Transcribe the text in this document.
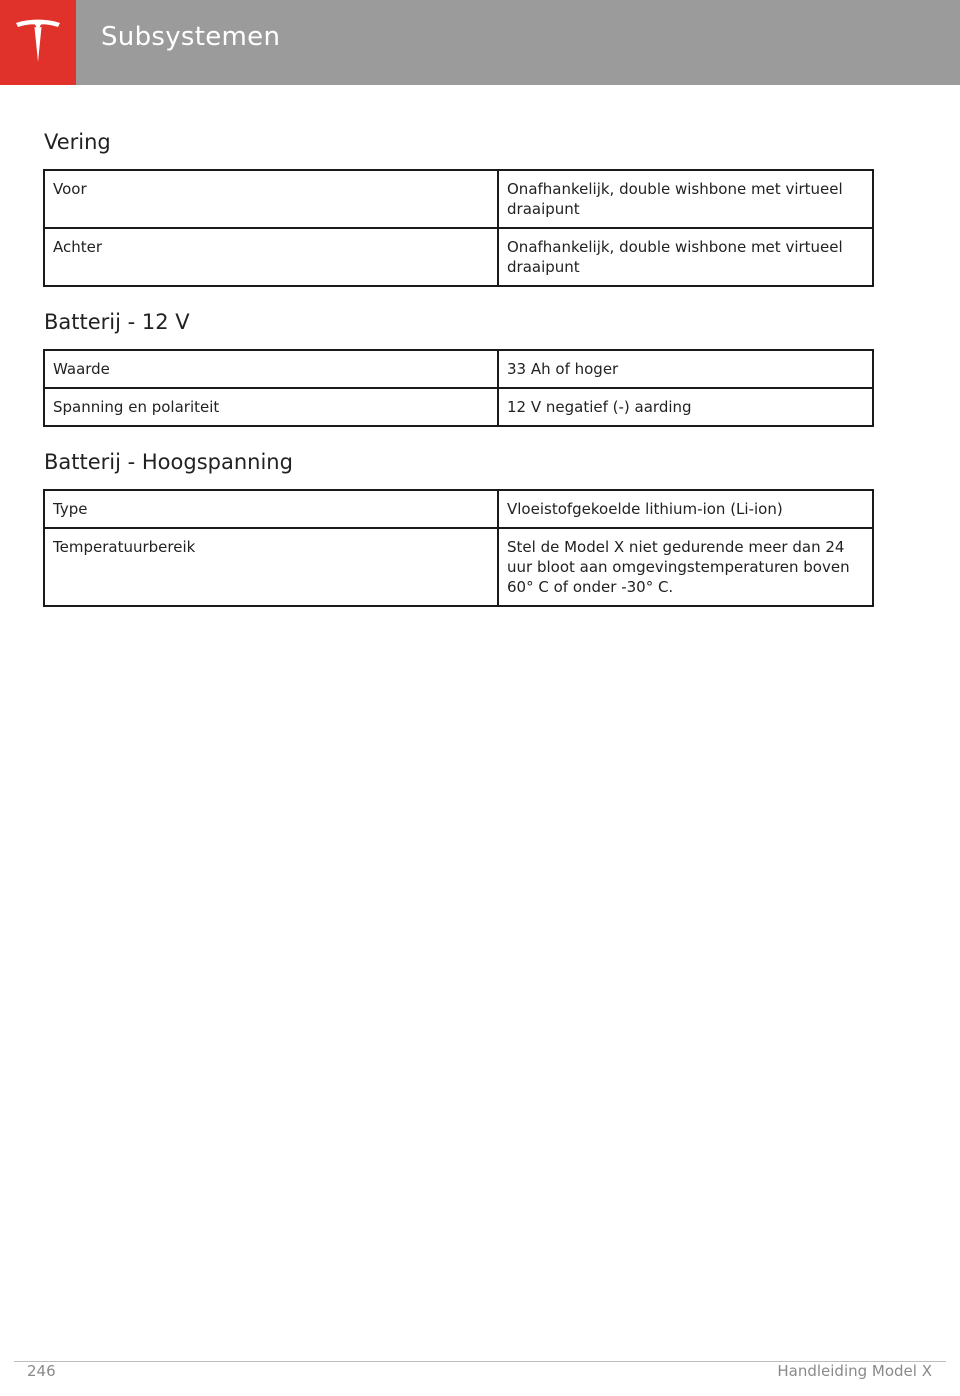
Subsystemen
Vering
Voor	Onafhankelijk, double wishbone met virtueel draaipunt
Achter	Onafhankelijk, double wishbone met virtueel draaipunt
Batterij - 12 V
Waarde	33 Ah of hoger
Spanning en polariteit	12 V negatief (-) aarding
Batterij - Hoogspanning
Type	Vloeistofgekoelde lithium-ion (Li-ion)
Temperatuurbereik	Stel de Model X niet gedurende meer dan 24 uur bloot aan omgevingstemperaturen boven 60° C of onder -30° C.
246	Handleiding Model X
